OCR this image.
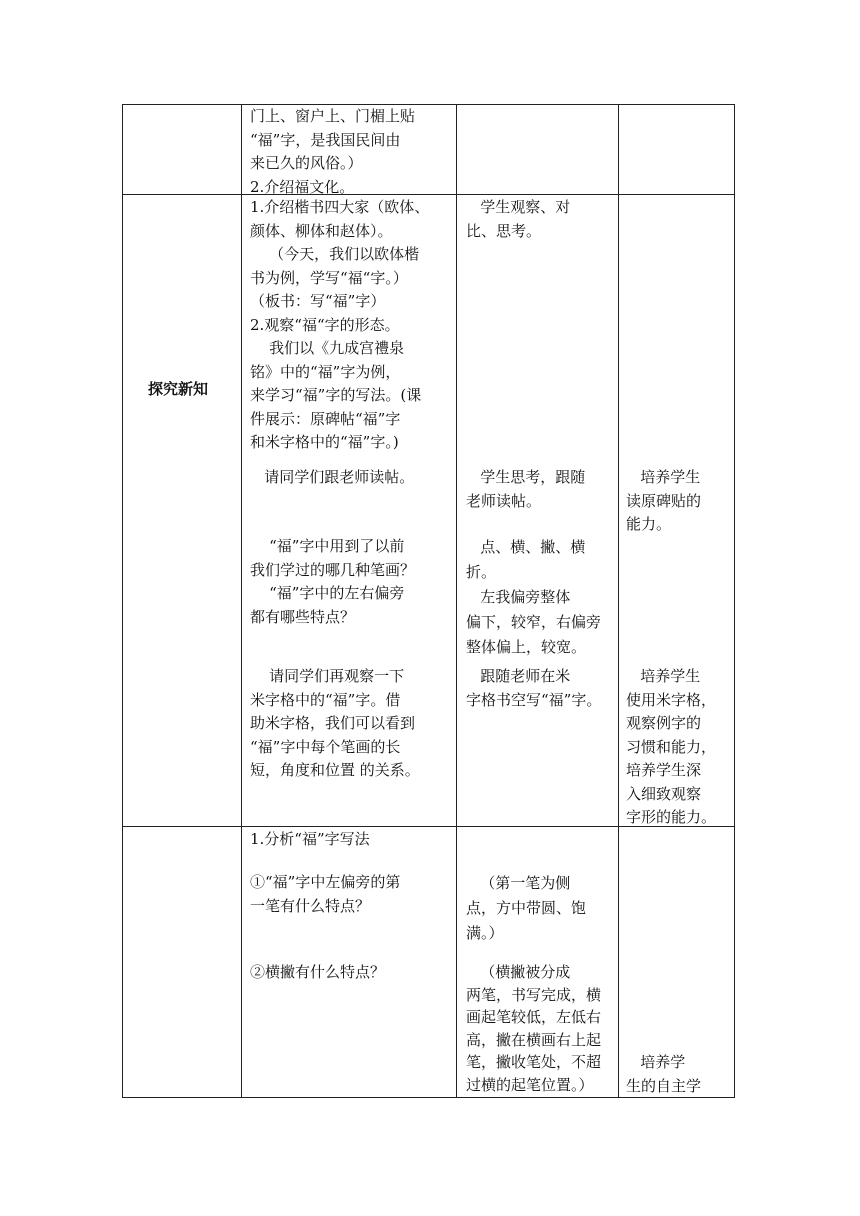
门上、窗户上、门楣上贴
“福”字，是我国民间由
来已久的风俗。）
2.介绍福文化。
探究新知
1.介绍楷书四大家（欧体、
颜体、柳体和赵体）。
（今天，我们以欧体楷
书为例，学写“福“字。）
（板书：写“福”字）
2.观察“福“字的形态。
我们以《九成宫禮泉
铭》中的“福”字为例，
来学习“福”字的写法。(课
件展示：原碑帖“福”字
和米字格中的“福”字。)
请同学们跟老师读帖。
“福”字中用到了以前
我们学过的哪几种笔画？
“福”字中的左右偏旁
都有哪些特点？
请同学们再观察一下
米字格中的“福”字。借
助米字格，我们可以看到
“福”字中每个笔画的长
短，角度和位置 的关系。
学生观察、对
比、思考。
学生思考，跟随
老师读帖。
点、横、撇、横
折。
左我偏旁整体
偏下，较窄，右偏旁
整体偏上，较宽。
跟随老师在米
字格书空写“福”字。
培养学生
读原碑贴的
能力。
培养学生
使用米字格，
观察例字的
习惯和能力，
培养学生深
入细致观察
字形的能力。
1.分析“福”字写法
①“福”字中左偏旁的第
一笔有什么特点？
②横撇有什么特点？
（第一笔为侧
点，方中带圆、饱
满。）
（横撇被分成
两笔，书写完成，横
画起笔较低，左低右
高，撇在横画右上起
笔，撇收笔处，不超
过横的起笔位置。）
培养学
生的自主学
